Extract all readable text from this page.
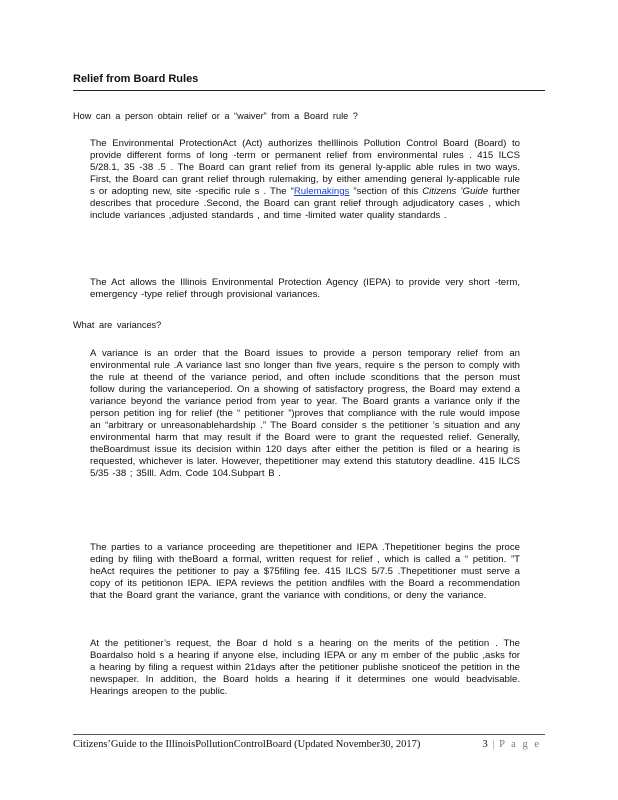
Relief from Board Rules
How can a person obtain relief or a “waiver” from a Board rule ?
The Environmental ProtectionAct (Act) authorizes theIllinois Pollution Control Board (Board) to provide different forms of long -term or permanent relief from environmental rules . 415 ILCS 5/28.1, 35 -38 .5 . The Board can grant relief from its general ly-applic able rules in two ways. First, the Board can grant relief through rulemaking, by either amending general ly-applicable rule s or adopting new, site -specific rule s . The “Rulemakings ”section of this Citizens ’Guide further describes that procedure .Second, the Board can grant relief through adjudicatory cases , which include variances ,adjusted standards , and time -limited water quality standards .
The Act allows the Illinois Environmental Protection Agency (IEPA) to provide very short -term, emergency -type relief through provisional variances.
What are variances?
A variance is an order that the Board issues to provide a person temporary relief from an environmental rule .A variance last sno longer than five years, require s the person to comply with the rule at theend of the variance period, and often include sconditions that the person must follow during the varianceperiod. On a showing of satisfactory progress, the Board may extend a variance beyond the variance period from year to year. The Board grants a variance only if the person petition ing for relief (the “ petitioner ”)proves that compliance with the rule would impose an “arbitrary or unreasonablehardship .” The Board consider s the petitioner ’s situation and any environmental harm that may result if the Board were to grant the requested relief. Generally, theBoardmust issue its decision within 120 days after either the petition is filed or a hearing is requested, whichever is later. However, thepetitioner may extend this statutory deadline. 415 ILCS 5/35 -38 ; 35Ill. Adm. Code 104.Subpart B .
The parties to a variance proceeding are thepetitioner and IEPA .Thepetitioner begins the proce eding by filing with theBoard a formal, written request for relief , which is called a “ petition. ”T heAct requires the petitioner to pay a $75filing fee. 415 ILCS 5/7.5 .Thepetitioner must serve a copy of its petitionon IEPA. IEPA reviews the petition andfiles with the Board a recommendation that the Board grant the variance, grant the variance with conditions, or deny the variance.
At the petitioner’s request, the Boar d hold s a hearing on the merits of the petition . The Boardalso hold s a hearing if anyone else, including IEPA or any m ember of the public ,asks for a hearing by filing a request within 21days after the petitioner publishe snoticeof the petition in the newspaper. In addition, the Board holds a hearing if it determines one would beadvisable. Hearings areopen to the public.
Citizens’Guide to the IllinoisPollutionControlBoard (Updated November30, 2017)	3 | P a g e
